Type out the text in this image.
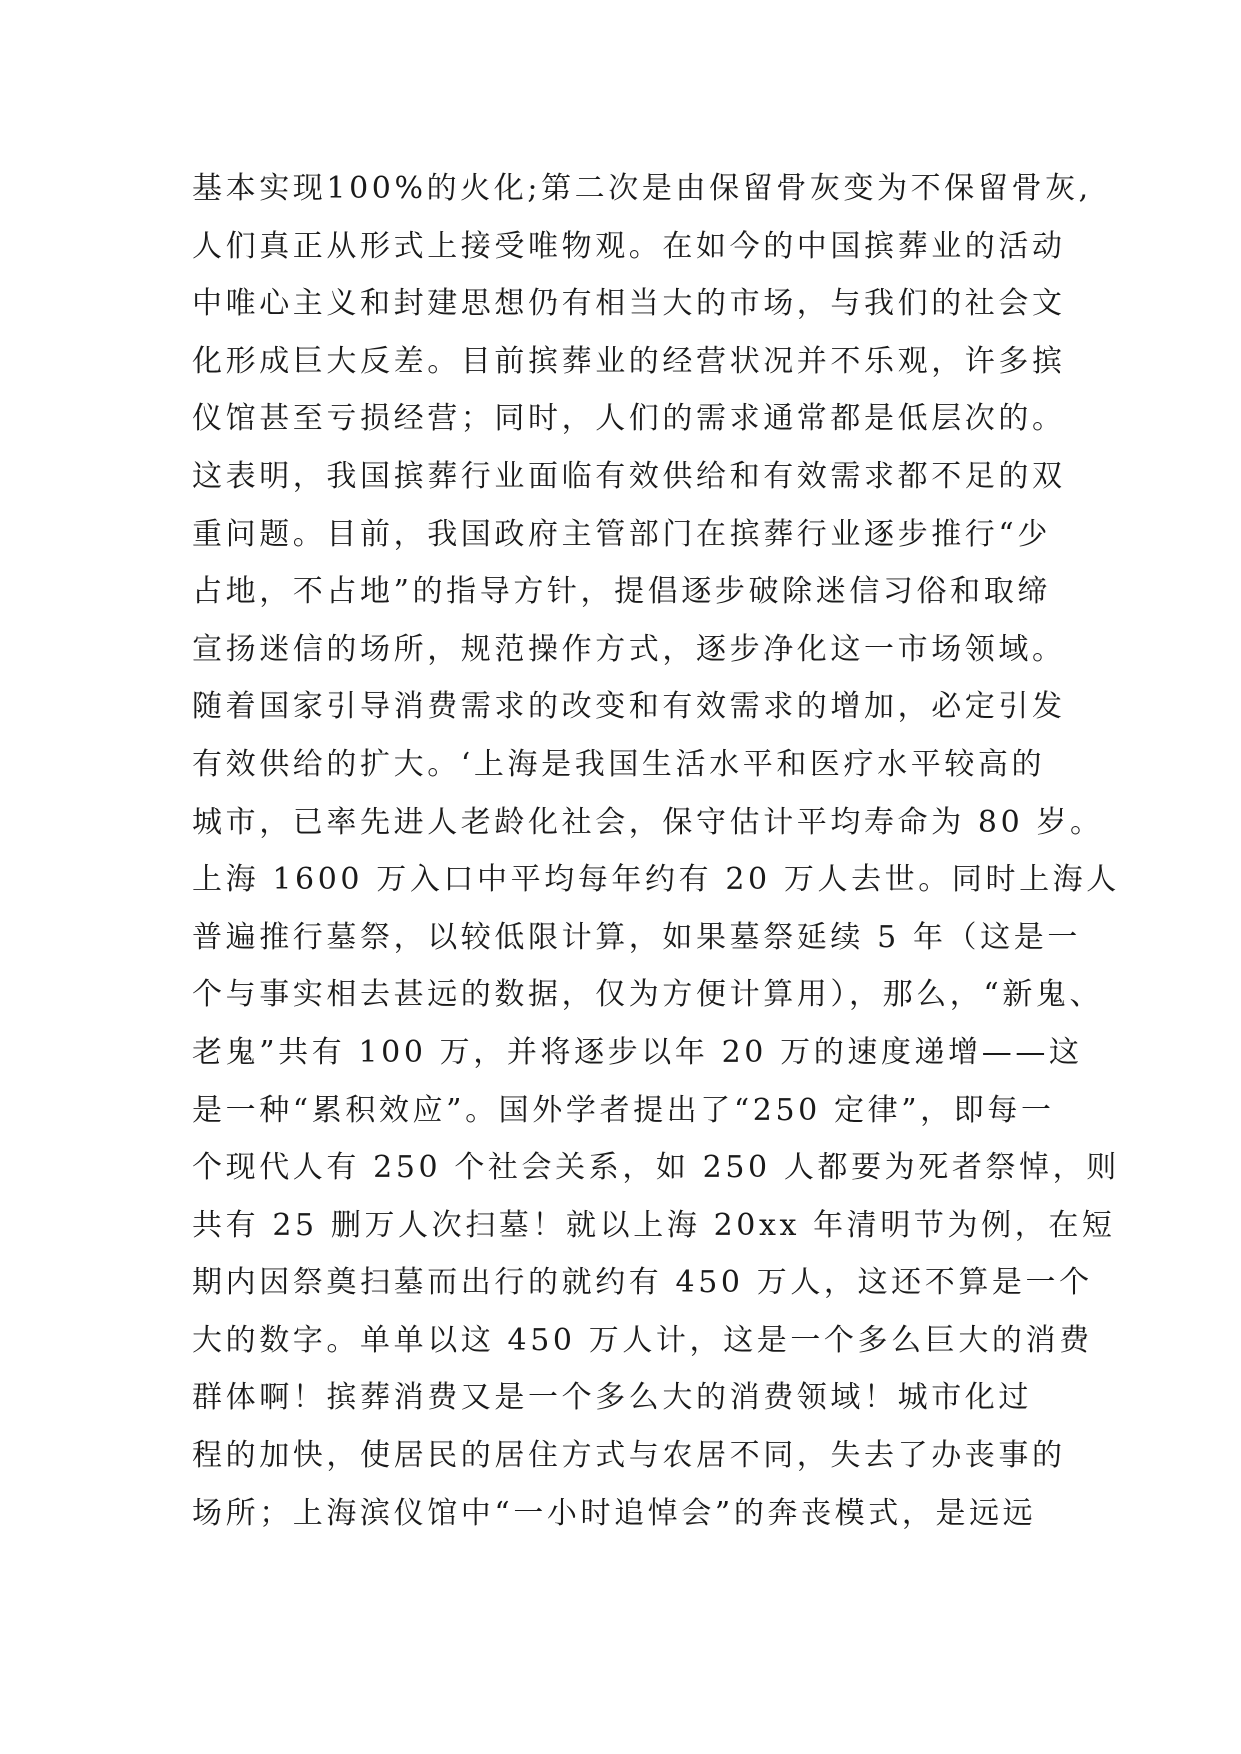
基本实现100%的火化;第二次是由保留骨灰变为不保留骨灰,
人们真正从形式上接受唯物观。在如今的中国摈葬业的活动
中唯心主义和封建思想仍有相当大的市场，与我们的社会文
化形成巨大反差。目前摈葬业的经营状况并不乐观，许多摈
仪馆甚至亏损经营；同时，人们的需求通常都是低层次的。
这表明，我国摈葬行业面临有效供给和有效需求都不足的双
重问题。目前，我国政府主管部门在摈葬行业逐步推行“少
占地，不占地”的指导方针，提倡逐步破除迷信习俗和取缔
宣扬迷信的场所，规范操作方式，逐步净化这一市场领域。
随着国家引导消费需求的改变和有效需求的增加，必定引发
有效供给的扩大。‘上海是我国生活水平和医疗水平较高的
城市，已率先进人老龄化社会，保守估计平均寿命为 80 岁。
上海 1600 万入口中平均每年约有 20 万人去世。同时上海人
普遍推行墓祭，以较低限计算，如果墓祭延续 5 年（这是一
个与事实相去甚远的数据，仅为方便计算用），那么，“新鬼、
老鬼”共有 100 万，并将逐步以年 20 万的速度递增——这
是一种“累积效应”。国外学者提出了“250 定律”，即每一
个现代人有 250 个社会关系，如 250 人都要为死者祭悼，则
共有 25 删万人次扫墓！就以上海 20xx 年清明节为例，在短
期内因祭奠扫墓而出行的就约有 450 万人，这还不算是一个
大的数字。单单以这 450 万人计，这是一个多么巨大的消费
群体啊！摈葬消费又是一个多么大的消费领域！城市化过
程的加快，使居民的居住方式与农居不同，失去了办丧事的
场所；上海滨仪馆中“一小时追悼会”的奔丧模式，是远远
